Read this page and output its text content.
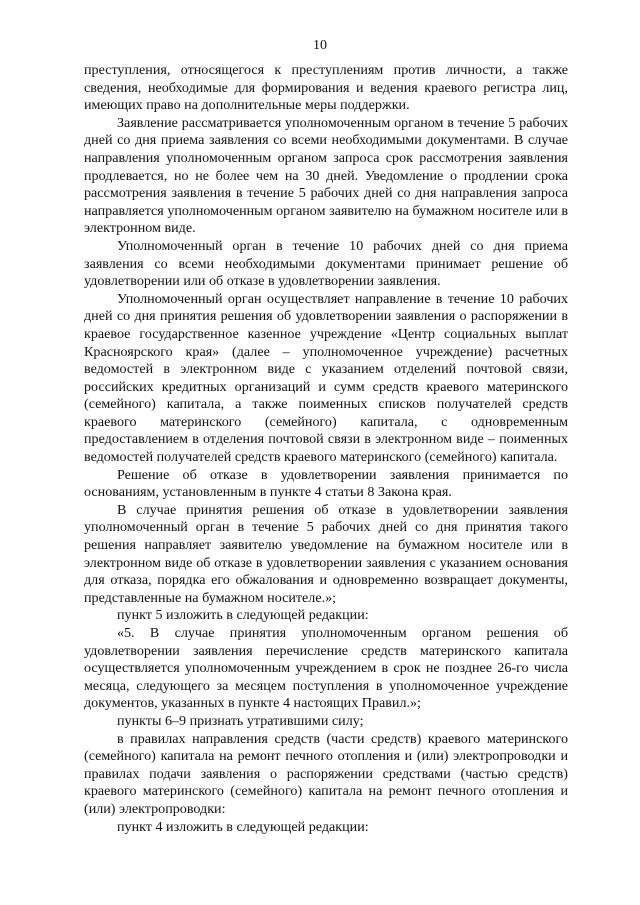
10

преступления, относящегося к преступлениям против личности, а также сведения, необходимые для формирования и ведения краевого регистра лиц, имеющих право на дополнительные меры поддержки.

Заявление рассматривается уполномоченным органом в течение 5 рабочих дней со дня приема заявления со всеми необходимыми документами. В случае направления уполномоченным органом запроса срок рассмотрения заявления продлевается, но не более чем на 30 дней. Уведомление о продлении срока рассмотрения заявления в течение 5 рабочих дней со дня направления запроса направляется уполномоченным органом заявителю на бумажном носителе или в электронном виде.

Уполномоченный орган в течение 10 рабочих дней со дня приема заявления со всеми необходимыми документами принимает решение об удовлетворении или об отказе в удовлетворении заявления.

Уполномоченный орган осуществляет направление в течение 10 рабочих дней со дня принятия решения об удовлетворении заявления о распоряжении в краевое государственное казенное учреждение «Центр социальных выплат Красноярского края» (далее – уполномоченное учреждение) расчетных ведомостей в электронном виде с указанием отделений почтовой связи, российских кредитных организаций и сумм средств краевого материнского (семейного) капитала, а также поименных списков получателей средств краевого материнского (семейного) капитала, с одновременным предоставлением в отделения почтовой связи в электронном виде – поименных ведомостей получателей средств краевого материнского (семейного) капитала.

Решение об отказе в удовлетворении заявления принимается по основаниям, установленным в пункте 4 статьи 8 Закона края.

В случае принятия решения об отказе в удовлетворении заявления уполномоченный орган в течение 5 рабочих дней со дня принятия такого решения направляет заявителю уведомление на бумажном носителе или в электронном виде об отказе в удовлетворении заявления с указанием основания для отказа, порядка его обжалования и одновременно возвращает документы, представленные на бумажном носителе.»;

пункт 5 изложить в следующей редакции:

«5. В случае принятия уполномоченным органом решения об удовлетворении заявления перечисление средств материнского капитала осуществляется уполномоченным учреждением в срок не позднее 26-го числа месяца, следующего за месяцем поступления в уполномоченное учреждение документов, указанных в пункте 4 настоящих Правил.»;

пункты 6–9 признать утратившими силу;

в правилах направления средств (части средств) краевого материнского (семейного) капитала на ремонт печного отопления и (или) электропроводки и правилах подачи заявления о распоряжении средствами (частью средств) краевого материнского (семейного) капитала на ремонт печного отопления и (или) электропроводки:

пункт 4 изложить в следующей редакции:
